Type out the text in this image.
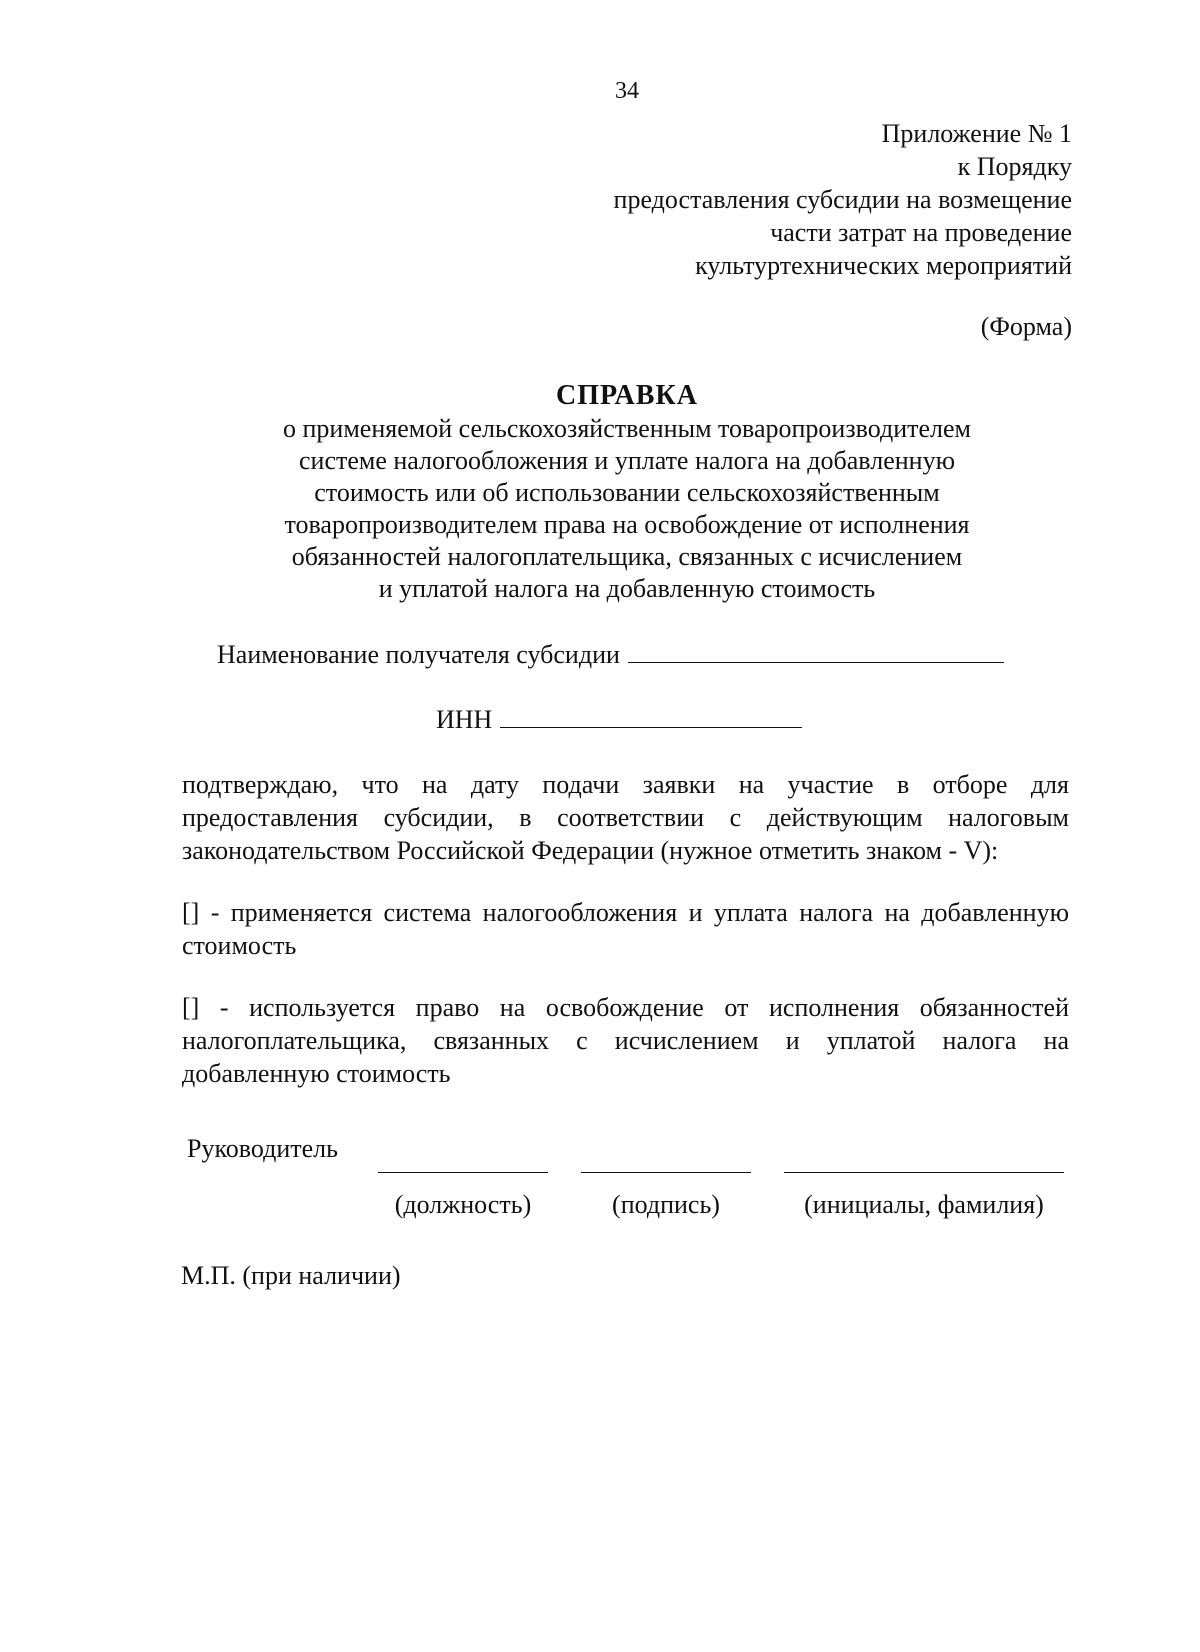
34
Приложение № 1
к Порядку
предоставления субсидии на возмещение
части затрат на проведение
культуртехнических мероприятий
(Форма)
СПРАВКА
о применяемой сельскохозяйственным товаропроизводителем
системе налогообложения и уплате налога на добавленную
стоимость или об использовании сельскохозяйственным
товаропроизводителем права на освобождение от исполнения
обязанностей налогоплательщика, связанных с исчислением
и уплатой налога на добавленную стоимость
Наименование получателя субсидии
ИНН
подтверждаю, что на дату подачи заявки на участие в отборе для предоставления субсидии, в соответствии с действующим налоговым законодательством Российской Федерации (нужное отметить знаком - V):
[] - применяется система налогообложения и уплата налога на добавленную стоимость
[] - используется право на освобождение от исполнения обязанностей налогоплательщика, связанных с исчислением и уплатой налога на добавленную стоимость
Руководитель
(должность)	(подпись)	(инициалы, фамилия)
М.П. (при наличии)
